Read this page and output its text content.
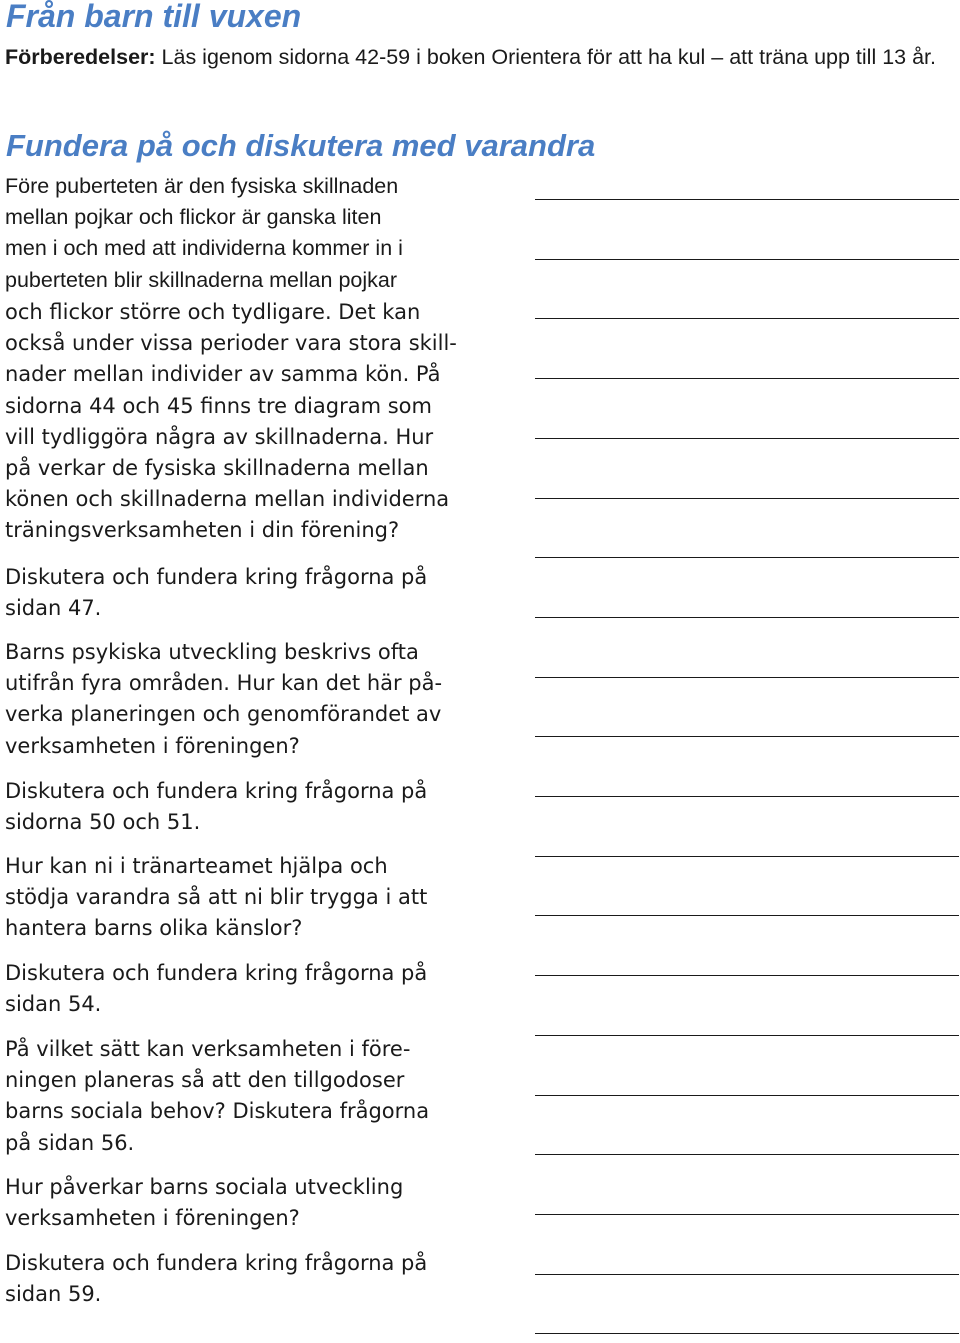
Från barn till vuxen

Förberedelser: Läs igenom sidorna 42-59 i boken Orientera för att ha kul – att träna upp till 13 år.

Fundera på och diskutera med varandra

Före puberteten är den fysiska skillnaden
mellan pojkar och flickor är ganska liten
men i och med att individerna kommer in i
puberteten blir skillnaderna mellan pojkar

och flickor större och tydligare. Det kan
också under vissa perioder vara stora skill-
nader mellan individer av samma kön. På
sidorna 44 och 45 finns tre diagram som
vill tydliggöra några av skillnaderna. Hur
på verkar de fysiska skillnaderna mellan
könen och skillnaderna mellan individerna
träningsverksamheten i din förening?

Diskutera och fundera kring frågorna på
sidan 47.

Barns psykiska utveckling beskrivs ofta
utifrån fyra områden. Hur kan det här på-
verka planeringen och genomförandet av
verksamheten i föreningen?

Diskutera och fundera kring frågorna på
sidorna 50 och 51.

Hur kan ni i tränarteamet hjälpa och
stödja varandra så att ni blir trygga i att
hantera barns olika känslor?

Diskutera och fundera kring frågorna på
sidan 54.

På vilket sätt kan verksamheten i före-
ningen planeras så att den tillgodoser
barns sociala behov? Diskutera frågorna
på sidan 56.

Hur påverkar barns sociala utveckling
verksamheten i föreningen?

Diskutera och fundera kring frågorna på
sidan 59.
